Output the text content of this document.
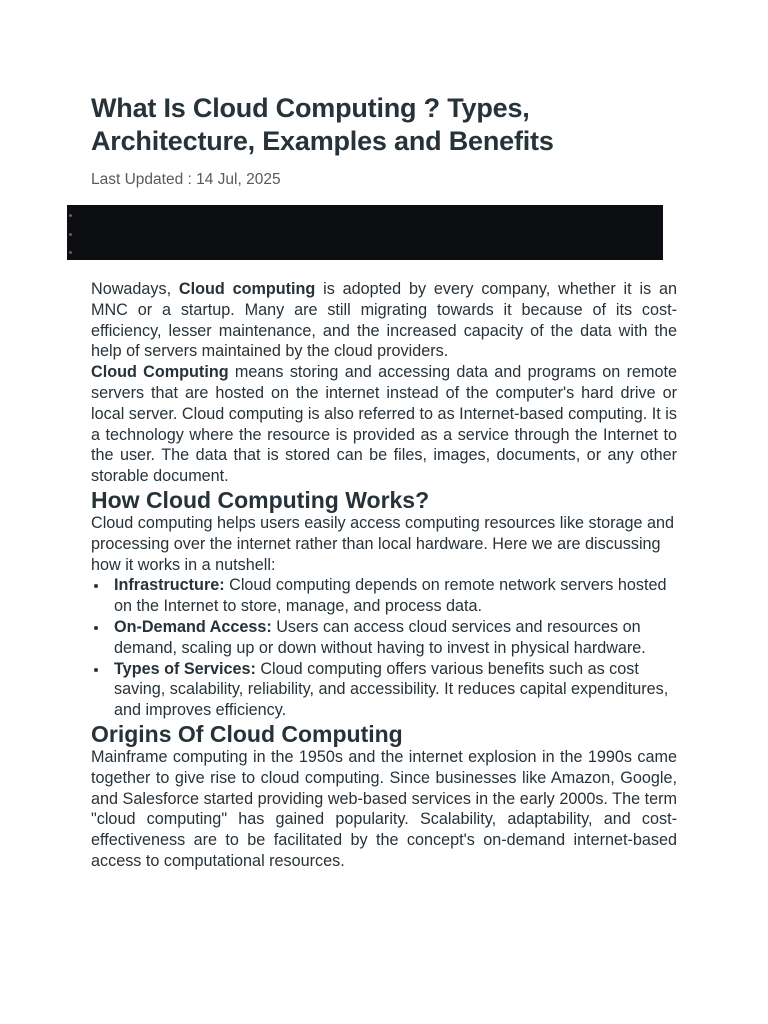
What Is Cloud Computing ? Types, Architecture, Examples and Benefits
Last Updated : 14 Jul, 2025

Nowadays, Cloud computing is adopted by every company, whether it is an MNC or a startup. Many are still migrating towards it because of its cost-efficiency, lesser maintenance, and the increased capacity of the data with the help of servers maintained by the cloud providers.

Cloud Computing means storing and accessing data and programs on remote servers that are hosted on the internet instead of the computer's hard drive or local server. Cloud computing is also referred to as Internet-based computing. It is a technology where the resource is provided as a service through the Internet to the user. The data that is stored can be files, images, documents, or any other storable document.

How Cloud Computing Works?

Cloud computing helps users easily access computing resources like storage and processing over the internet rather than local hardware. Here we are discussing how it works in a nutshell:

Infrastructure: Cloud computing depends on remote network servers hosted on the Internet to store, manage, and process data.
On-Demand Access: Users can access cloud services and resources on demand, scaling up or down without having to invest in physical hardware.
Types of Services: Cloud computing offers various benefits such as cost saving, scalability, reliability, and accessibility. It reduces capital expenditures, and improves efficiency.
Origins Of Cloud Computing

Mainframe computing in the 1950s and the internet explosion in the 1990s came together to give rise to cloud computing. Since businesses like Amazon, Google, and Salesforce started providing web-based services in the early 2000s. The term "cloud computing" has gained popularity. Scalability, adaptability, and cost-effectiveness are to be facilitated by the concept's on-demand internet-based access to computational resources.
